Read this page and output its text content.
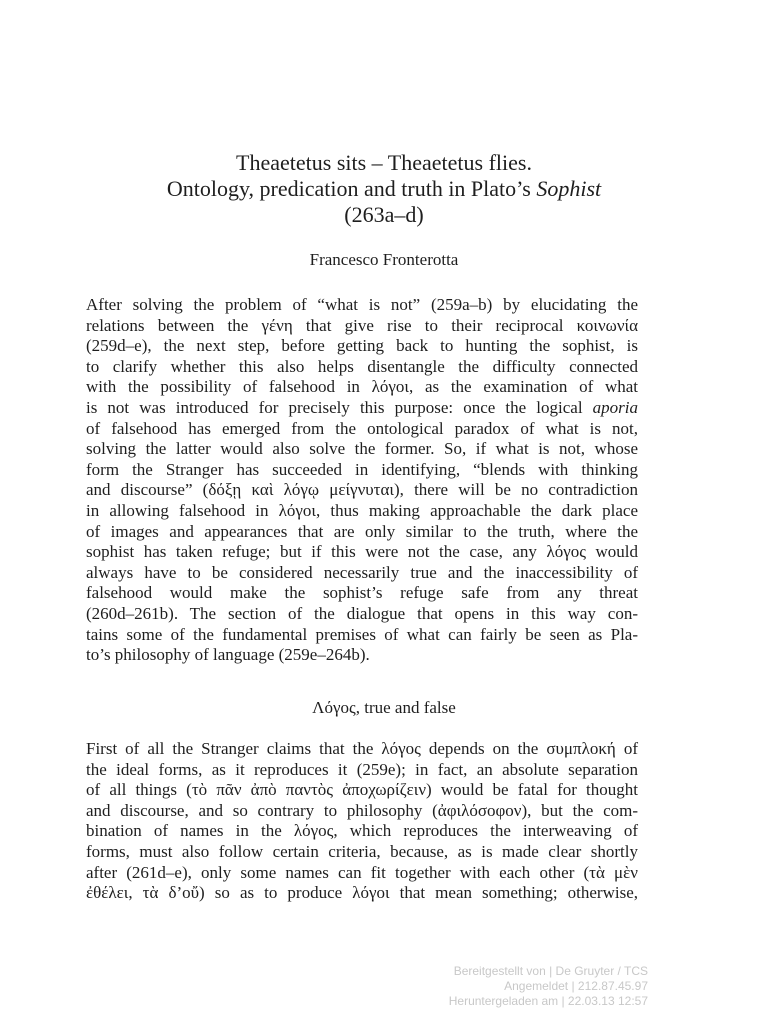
Theaetetus sits – Theaetetus flies.
Ontology, predication and truth in Plato’s Sophist
(263a–d)
Francesco Fronterotta
After solving the problem of “what is not” (259a–b) by elucidating the
relations between the γένη that give rise to their reciprocal κοινωνία
(259d–e), the next step, before getting back to hunting the sophist, is
to clarify whether this also helps disentangle the difficulty connected
with the possibility of falsehood in λόγοι, as the examination of what
is not was introduced for precisely this purpose: once the logical aporia
of falsehood has emerged from the ontological paradox of what is not,
solving the latter would also solve the former. So, if what is not, whose
form the Stranger has succeeded in identifying, “blends with thinking
and discourse” (δόξῃ καὶ λόγῳ μείγνυται), there will be no contradiction
in allowing falsehood in λόγοι, thus making approachable the dark place
of images and appearances that are only similar to the truth, where the
sophist has taken refuge; but if this were not the case, any λόγος would
always have to be considered necessarily true and the inaccessibility of
falsehood would make the sophist’s refuge safe from any threat
(260d–261b). The section of the dialogue that opens in this way con-
tains some of the fundamental premises of what can fairly be seen as Pla-
to’s philosophy of language (259e–264b).
Λόγος, true and false
First of all the Stranger claims that the λόγος depends on the συμπλοκή of
the ideal forms, as it reproduces it (259e); in fact, an absolute separation
of all things (τὸ πᾶν ἀπὸ παντὸς ἀποχωρίζειν) would be fatal for thought
and discourse, and so contrary to philosophy (ἀφιλόσοφον), but the com-
bination of names in the λόγος, which reproduces the interweaving of
forms, must also follow certain criteria, because, as is made clear shortly
after (261d–e), only some names can fit together with each other (τὰ μὲν
ἐθέλει, τὰ δ’οὔ) so as to produce λόγοι that mean something; otherwise,
Bereitgestellt von | De Gruyter / TCS
Angemeldet | 212.87.45.97
Heruntergeladen am | 22.03.13 12:57
